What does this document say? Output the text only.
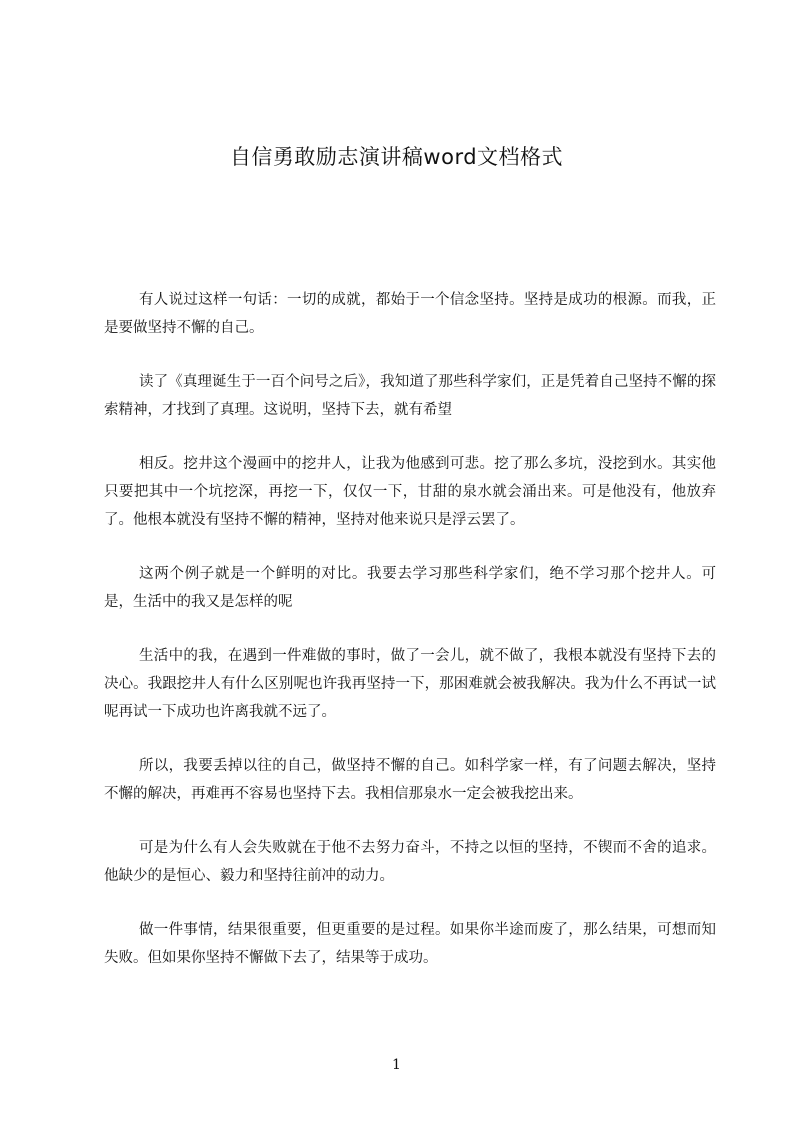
自信勇敢励志演讲稿word文档格式

有人说过这样一句话：一切的成就，都始于一个信念坚持。坚持是成功的根源。而我，正是要做坚持不懈的自己。

读了《真理诞生于一百个问号之后》，我知道了那些科学家们，正是凭着自己坚持不懈的探索精神，才找到了真理。这说明，坚持下去，就有希望

相反。挖井这个漫画中的挖井人，让我为他感到可悲。挖了那么多坑，没挖到水。其实他只要把其中一个坑挖深，再挖一下，仅仅一下，甘甜的泉水就会涌出来。可是他没有，他放弃了。他根本就没有坚持不懈的精神，坚持对他来说只是浮云罢了。

这两个例子就是一个鲜明的对比。我要去学习那些科学家们，绝不学习那个挖井人。可是，生活中的我又是怎样的呢

生活中的我，在遇到一件难做的事时，做了一会儿，就不做了，我根本就没有坚持下去的决心。我跟挖井人有什么区别呢也许我再坚持一下，那困难就会被我解决。我为什么不再试一试呢再试一下成功也许离我就不远了。

所以，我要丢掉以往的自己，做坚持不懈的自己。如科学家一样，有了问题去解决，坚持不懈的解决，再难再不容易也坚持下去。我相信那泉水一定会被我挖出来。

可是为什么有人会失败就在于他不去努力奋斗，不持之以恒的坚持，不锲而不舍的追求。他缺少的是恒心、毅力和坚持往前冲的动力。

做一件事情，结果很重要，但更重要的是过程。如果你半途而废了，那么结果，可想而知失败。但如果你坚持不懈做下去了，结果等于成功。

1
